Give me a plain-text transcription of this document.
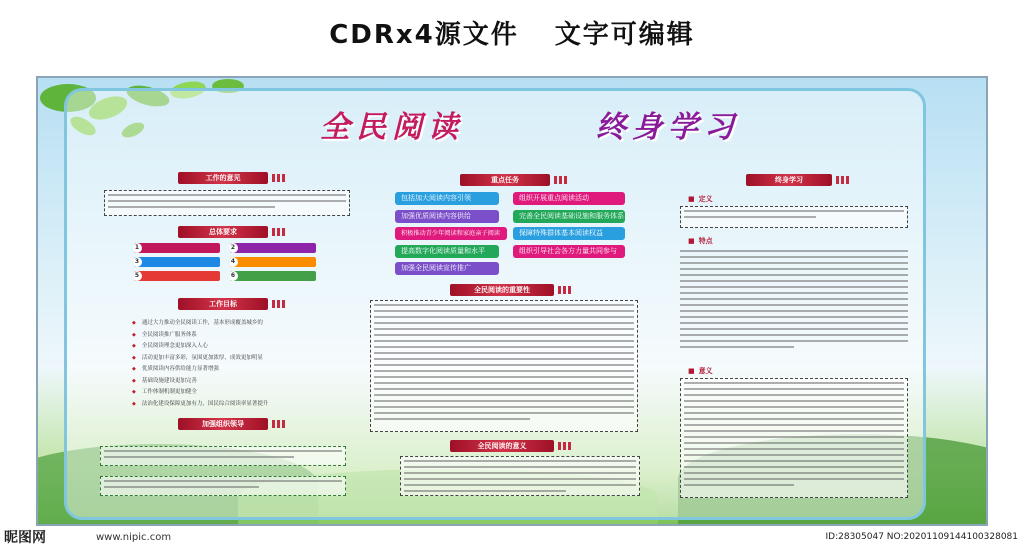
CDRx4源文件 文字可编辑
全民阅读	终身学习
工作的意见
总体要求
1	2
3	4
5	6
工作目标
◆ 通过大力推动全民阅读工作，基本形成覆盖城乡的
◆ 全民阅读推广服务体系
◆ 全民阅读理念更加深入人心
◆ 活动更加丰富多彩，氛围更加浓厚，成效更加明显
◆ 优质阅读内容供给能力显著增强
◆ 基础设施建设更加完善
◆ 工作体制机制更加健全
◆ 法治化建设保障更加有力，国民综合阅读率显著提升
加强组织领导
重点任务
包括加大阅读内容引领	组织开展重点阅读活动
加强优质阅读内容供给	完善全民阅读基础设施和服务体系
积极推动青少年阅读和家庭亲子阅读	保障特殊群体基本阅读权益
提高数字化阅读质量和水平	组织引导社会各方力量共同参与
加强全民阅读宣传推广
全民阅读的重要性
全民阅读的意义
终身学习
■ 定义
■ 特点
■ 意义
昵图网	www.nipic.com	ID:28305047 NO:20201109144100328081
